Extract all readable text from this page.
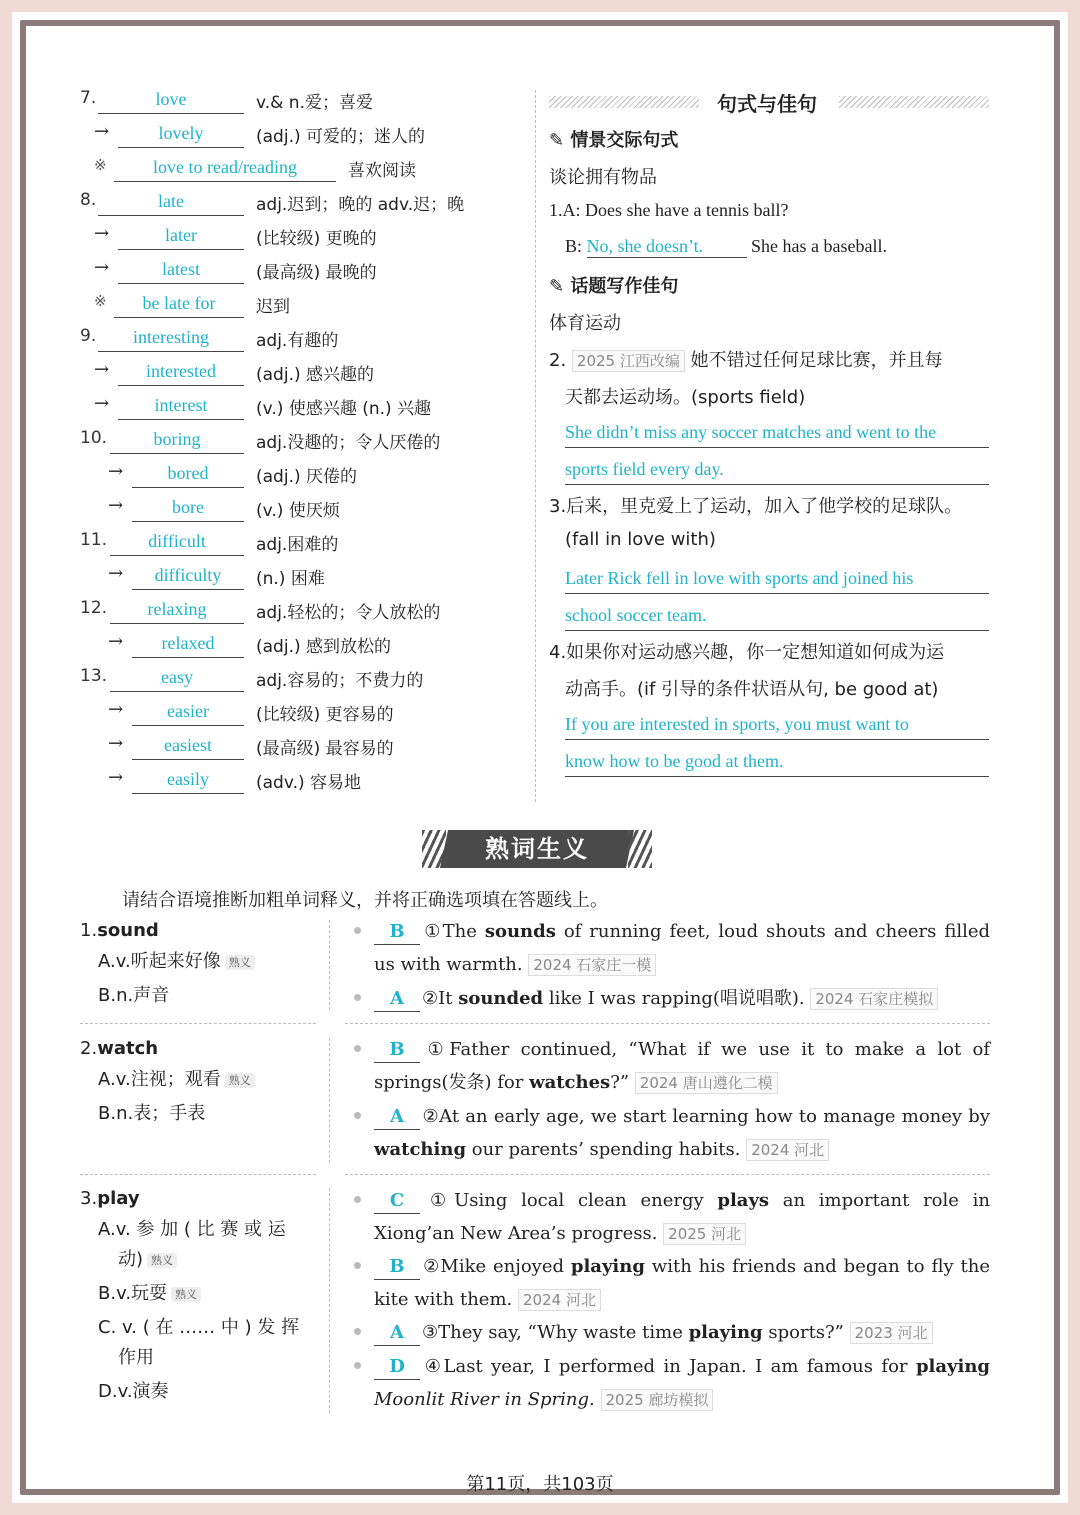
7.	love	v.& n.爱；喜爱
→	lovely	(adj.) 可爱的；迷人的
※	love to read/reading	喜欢阅读
8.	late	adj.迟到；晚的 adv.迟；晚
→	later	(比较级) 更晚的
→	latest	(最高级) 最晚的
※	be late for	迟到
9.	interesting	adj.有趣的
→	interested	(adj.) 感兴趣的
→	interest	(v.) 使感兴趣 (n.) 兴趣
10.	boring	adj.没趣的；令人厌倦的
→	bored	(adj.) 厌倦的
→	bore	(v.) 使厌烦
11.	difficult	adj.困难的
→	difficulty	(n.) 困难
12.	relaxing	adj.轻松的；令人放松的
→	relaxed	(adj.) 感到放松的
13.	easy	adj.容易的；不费力的
→	easier	(比较级) 更容易的
→	easiest	(最高级) 最容易的
→	easily	(adv.) 容易地
句式与佳句
✎ 情景交际句式
谈论拥有物品
1.A: Does she have a tennis ball?
B: No, she doesn’t.	She has a baseball.
✎ 话题写作佳句
体育运动
2. 2025 江西改编 她不错过任何足球比赛，并且每
天都去运动场。(sports field)
She didn’t miss any soccer matches and went to the
sports field every day.
3.后来，里克爱上了运动，加入了他学校的足球队。
(fall in love with)
Later Rick fell in love with sports and joined his
school soccer team.
4.如果你对运动感兴趣，你一定想知道如何成为运
动高手。(if 引导的条件状语从句, be good at)
If you are interested in sports, you must want to
know how to be good at them.
熟词生义
请结合语境推断加粗单词释义，并将正确选项填在答题线上。
1.sound
A.v.听起来好像 熟义
B.n.声音
B ①The sounds of running feet, loud shouts and cheers filled us with warmth. 2024 石家庄一模
A ②It sounded like I was rapping(唱说唱歌). 2024 石家庄模拟
2.watch
A.v.注视；观看 熟义
B.n.表；手表
B ①Father continued, “What if we use it to make a lot of springs(发条) for watches?” 2024 唐山遵化二模
A ②At an early age, we start learning how to manage money by watching our parents’ spending habits. 2024 河北
3.play
A.v. 参 加 ( 比 赛 或 运
动) 熟义
B.v.玩耍 熟义
C. v. ( 在 …… 中 ) 发 挥
作用
D.v.演奏
C ①Using local clean energy plays an important role in Xiong’an New Area’s progress. 2025 河北
B ②Mike enjoyed playing with his friends and began to fly the kite with them. 2024 河北
A ③They say, “Why waste time playing sports?” 2023 河北
D ④Last year, I performed in Japan. I am famous for playing Moonlit River in Spring. 2025 廊坊模拟
第11页，共103页
